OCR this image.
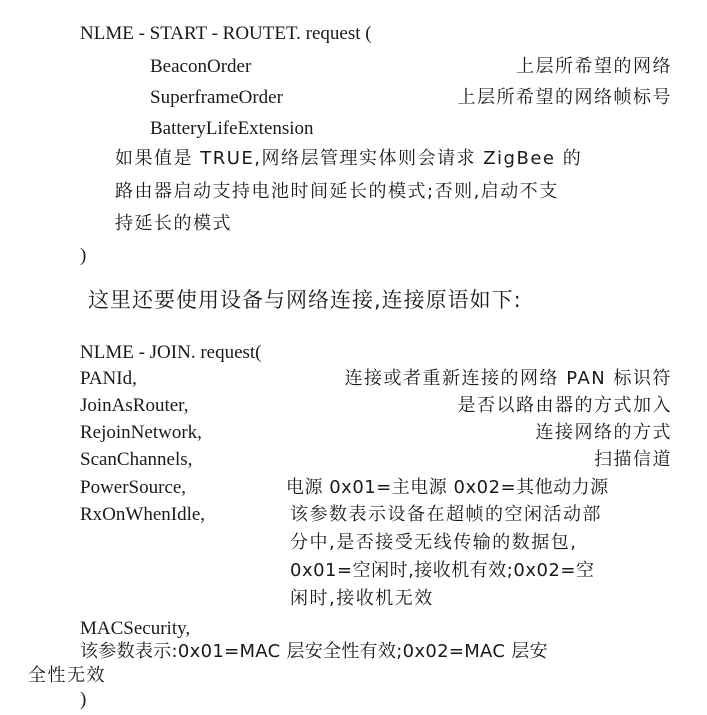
NLME - START - ROUTET. request (
BeaconOrder	上层所希望的网络
SuperframeOrder	上层所希望的网络帧标号
BatteryLifeExtension
如果值是 TRUE,网络层管理实体则会请求 ZigBee 的
路由器启动支持电池时间延长的模式;否则,启动不支
持延长的模式
)
这里还要使用设备与网络连接,连接原语如下:
NLME - JOIN. request(
PANId,	连接或者重新连接的网络 PAN 标识符
JoinAsRouter,	是否以路由器的方式加入
RejoinNetwork,	连接网络的方式
ScanChannels,	扫描信道
PowerSource,	电源 0x01=主电源 0x02=其他动力源
RxOnWhenIdle,	该参数表示设备在超帧的空闲活动部
分中,是否接受无线传输的数据包,
0x01=空闲时,接收机有效;0x02=空
闲时,接收机无效
MACSecurity,
该参数表示:0x01=MAC 层安全性有效;0x02=MAC 层安
全性无效
)
